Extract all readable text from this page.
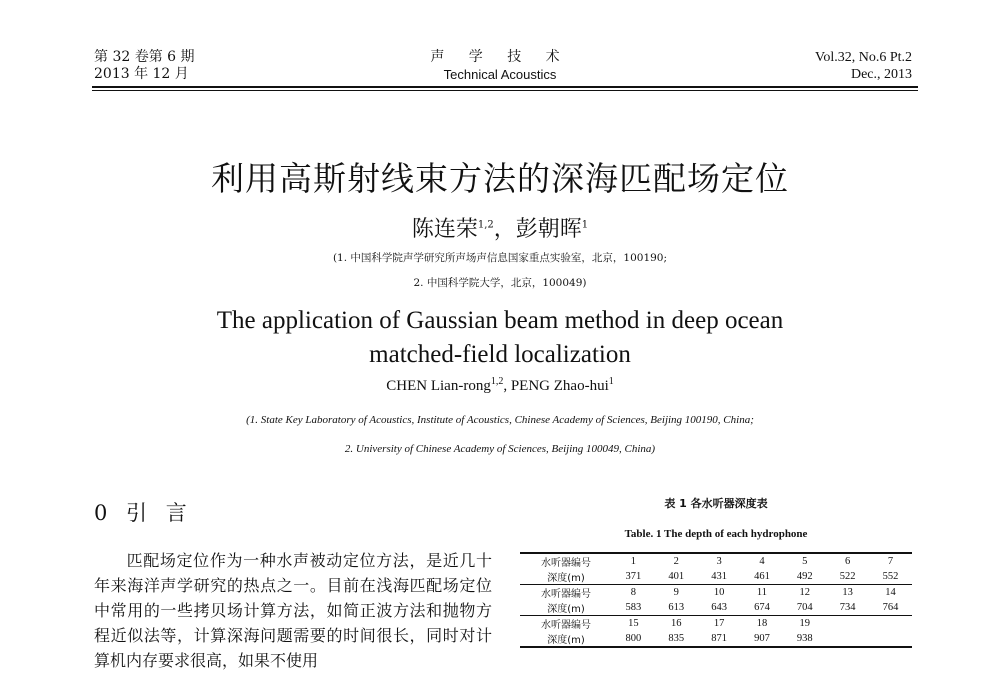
第 32 卷第 6 期
2013 年 12 月
声 学 技 术
Technical Acoustics
Vol.32, No.6 Pt.2
Dec., 2013
利用高斯射线束方法的深海匹配场定位
陈连荣$^{1,2}$，彭朝晖$^1$
(1. 中国科学院声学研究所声场声信息国家重点实验室，北京，100190;
2. 中国科学院大学，北京，100049)
The application of Gaussian beam method in deep ocean
matched-field localization
CHEN Lian-rong$^{1,2}$, PENG Zhao-hui$^1$
(1. State Key Laboratory of Acoustics, Institute of Acoustics, Chinese Academy of Sciences, Beijing 100190, China;
2. University of Chinese Academy of Sciences, Beijing 100049, China)
0 引 言
匹配场定位作为一种水声被动定位方法，是近几十年来海洋声学研究的热点之一。目前在浅海匹配场定位中常用的一些拷贝场计算方法，如简正波方法和抛物方程近似法等，计算深海问题需要的时间很长，同时对计算机内存要求很高，如果不使用
表 1 各水听器深度表
Table. 1 The depth of each hydrophone
水听器编号	1	2	3	4	5	6	7
深度(m)	371	401	431	461	492	522	552
水听器编号	8	9	10	11	12	13	14
深度(m)	583	613	643	674	704	734	764
水听器编号	15	16	17	18	19		
深度(m)	800	835	871	907	938		
